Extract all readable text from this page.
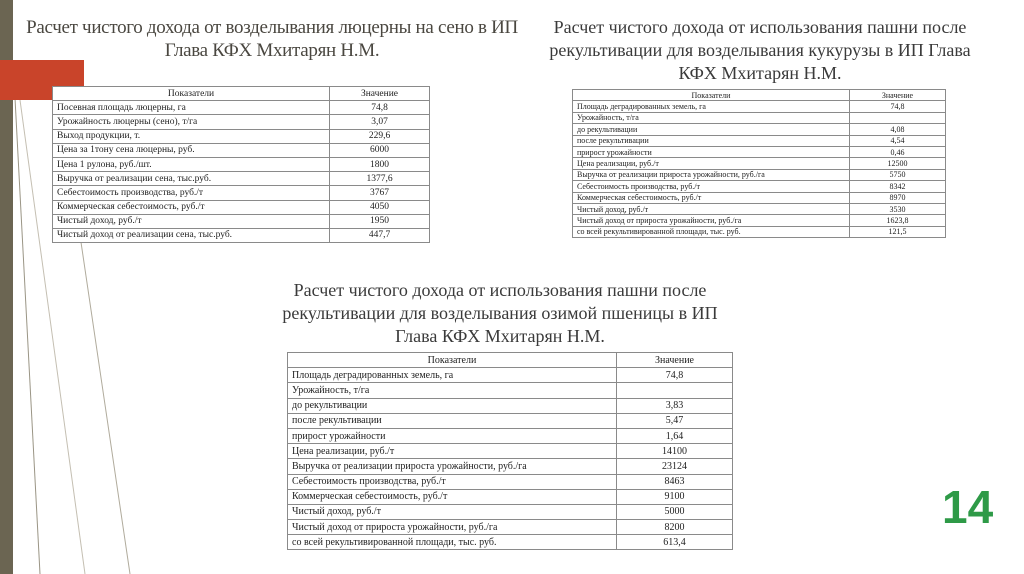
Расчет чистого дохода от возделывания люцерны на сено в ИП Глава КФХ Мхитарян Н.М.
Расчет чистого дохода от использования пашни после рекультивации для возделывания кукурузы в ИП Глава КФХ Мхитарян Н.М.
Расчет чистого дохода от использования пашни после рекультивации для возделывания озимой пшеницы в ИП Глава КФХ Мхитарян Н.М.
Показатели	Значение
Посевная площадь люцерны, га	74,8
Урожайность люцерны (сено), т/га	3,07
Выход продукции, т.	229,6
Цена за 1тону сена люцерны, руб.	6000
Цена 1 рулона, руб./шт.	1800
Выручка от реализации сена, тыс.руб.	1377,6
Себестоимость производства, руб./т	3767
Коммерческая себестоимость, руб./т	4050
Чистый доход, руб./т	1950
Чистый доход от реализации сена, тыс.руб.	447,7
Показатели	Значение
Площадь деградированных земель, га	74,8
Урожайность, т/га	
до рекультивации	4,08
после рекультивации	4,54
прирост урожайности	0,46
Цена реализации, руб./т	12500
Выручка от реализации прироста урожайности, руб./га	5750
Себестоимость производства, руб./т	8342
Коммерческая себестоимость, руб./т	8970
Чистый доход, руб./т	3530
Чистый доход от прироста урожайности, руб./га	1623,8
со всей рекультивированной площади, тыс. руб.	121,5
Показатели	Значение
Площадь деградированных земель, га	74,8
Урожайность, т/га	
до рекультивации	3,83
после рекультивации	5,47
прирост урожайности	1,64
Цена реализации, руб./т	14100
Выручка от реализации прироста урожайности, руб./га	23124
Себестоимость производства, руб./т	8463
Коммерческая себестоимость, руб./т	9100
Чистый доход, руб./т	5000
Чистый доход от прироста урожайности, руб./га	8200
со всей рекультивированной площади, тыс. руб.	613,4
14
